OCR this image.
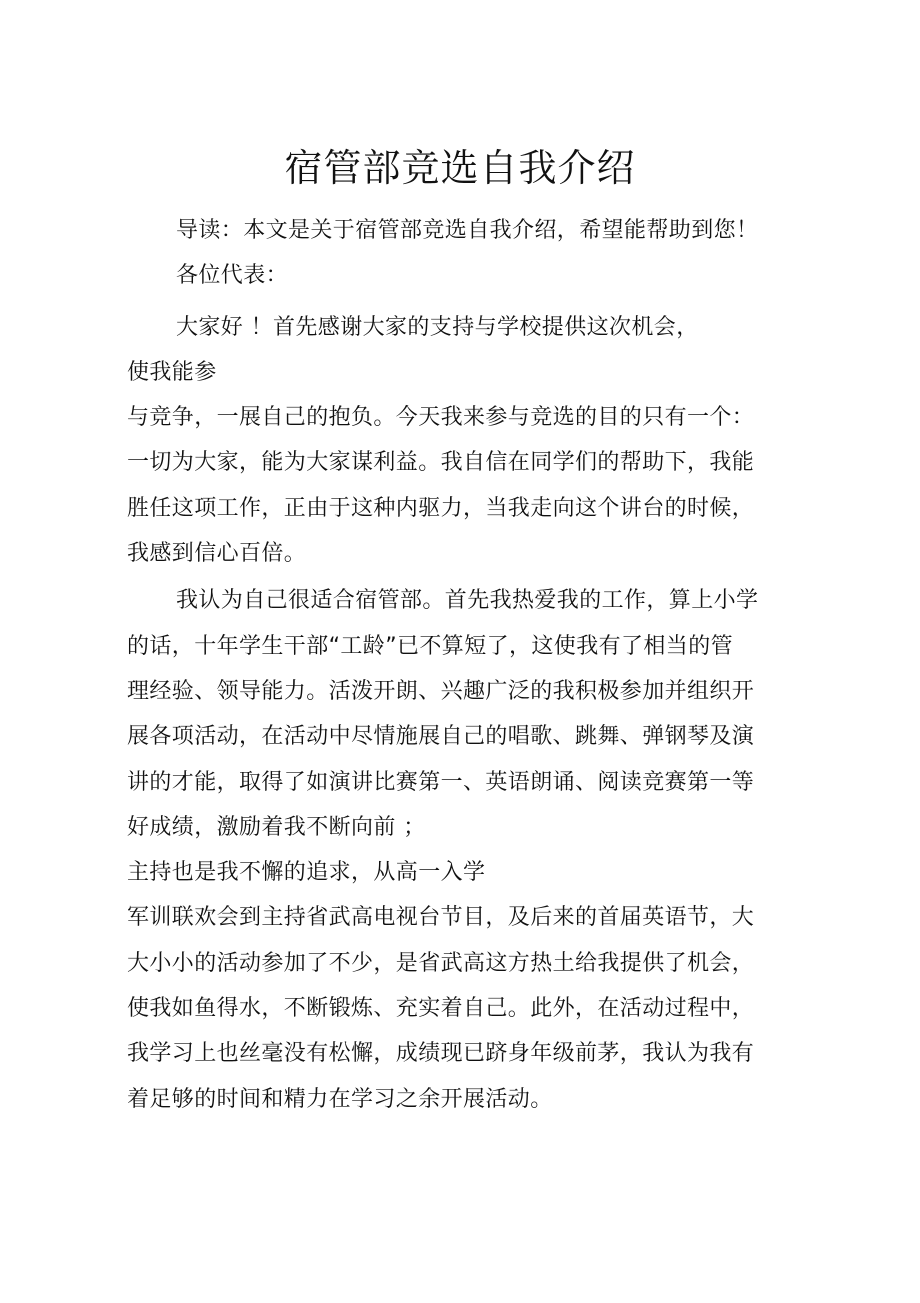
宿管部竞选自我介绍
导读：本文是关于宿管部竞选自我介绍，希望能帮助到您！
各位代表：
大家好 ！首先感谢大家的支持与学校提供这次机会，
使我能参
与竞争，一展自己的抱负。今天我来参与竞选的目的只有一个：
一切为大家，能为大家谋利益。我自信在同学们的帮助下，我能
胜任这项工作，正由于这种内驱力，当我走向这个讲台的时候，
我感到信心百倍。
我认为自己很适合宿管部。首先我热爱我的工作，算上小学
的话，十年学生干部“工龄”已不算短了，这使我有了相当的管
理经验、领导能力。活泼开朗、兴趣广泛的我积极参加并组织开
展各项活动，在活动中尽情施展自己的唱歌、跳舞、弹钢琴及演
讲的才能，取得了如演讲比赛第一、英语朗诵、阅读竞赛第一等
好成绩，激励着我不断向前 ；
主持也是我不懈的追求，从高一入学
军训联欢会到主持省武高电视台节目，及后来的首届英语节，大
大小小的活动参加了不少，是省武高这方热土给我提供了机会，
使我如鱼得水，不断锻炼、充实着自己。此外，在活动过程中，
我学习上也丝毫没有松懈，成绩现已跻身年级前茅，我认为我有
着足够的时间和精力在学习之余开展活动。
